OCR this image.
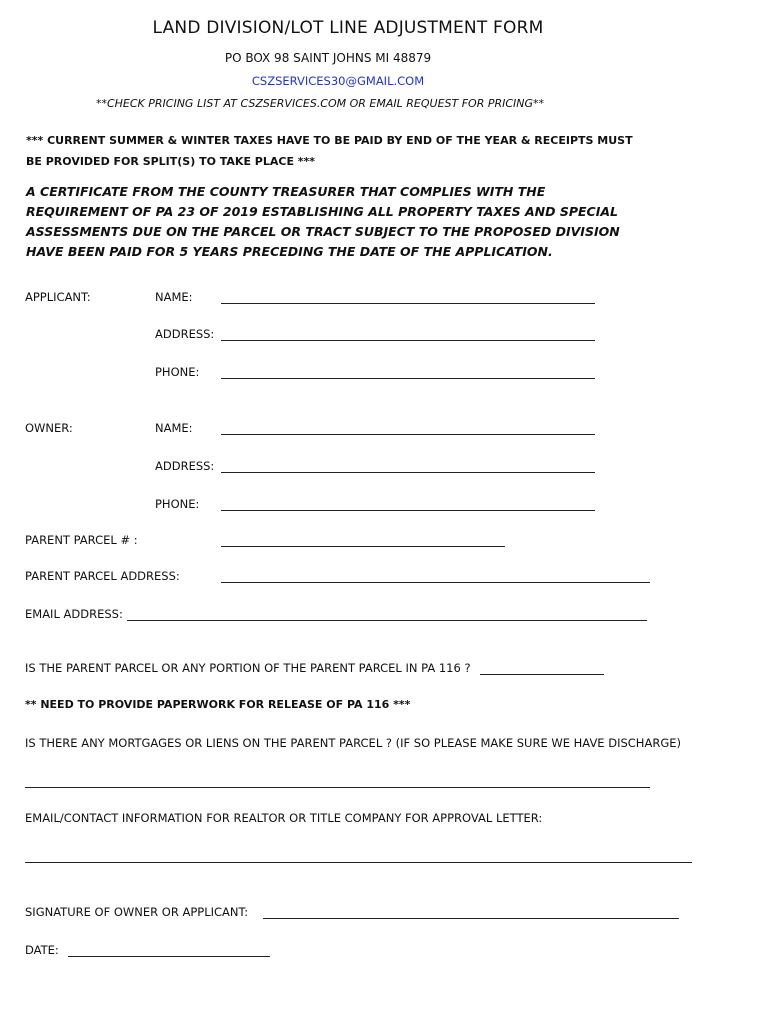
LAND DIVISION/LOT LINE ADJUSTMENT FORM
PO BOX 98 SAINT JOHNS MI 48879
CSZSERVICES30@GMAIL.COM
**CHECK PRICING LIST AT CSZSERVICES.COM OR EMAIL REQUEST FOR PRICING**
*** CURRENT SUMMER & WINTER TAXES HAVE TO BE PAID BY END OF THE YEAR & RECEIPTS MUST BE PROVIDED FOR SPLIT(S) TO TAKE PLACE ***
A CERTIFICATE FROM THE COUNTY TREASURER THAT COMPLIES WITH THE REQUIREMENT OF PA 23 OF 2019 ESTABLISHING ALL PROPERTY TAXES AND SPECIAL ASSESSMENTS DUE ON THE PARCEL OR TRACT SUBJECT TO THE PROPOSED DIVISION HAVE BEEN PAID FOR 5 YEARS PRECEDING THE DATE OF THE APPLICATION.
APPLICANT:	NAME:
ADDRESS:
PHONE:
OWNER:	NAME:
ADDRESS:
PHONE:
PARENT PARCEL # :
PARENT PARCEL ADDRESS:
EMAIL ADDRESS:
IS THE PARENT PARCEL OR ANY PORTION OF THE PARENT PARCEL IN PA 116 ?
** NEED TO PROVIDE PAPERWORK FOR RELEASE OF PA 116 ***
IS THERE ANY MORTGAGES OR LIENS ON THE PARENT PARCEL ? (IF SO PLEASE MAKE SURE WE HAVE DISCHARGE)
EMAIL/CONTACT INFORMATION FOR REALTOR OR TITLE COMPANY FOR APPROVAL LETTER:
SIGNATURE OF OWNER OR APPLICANT:
DATE:
